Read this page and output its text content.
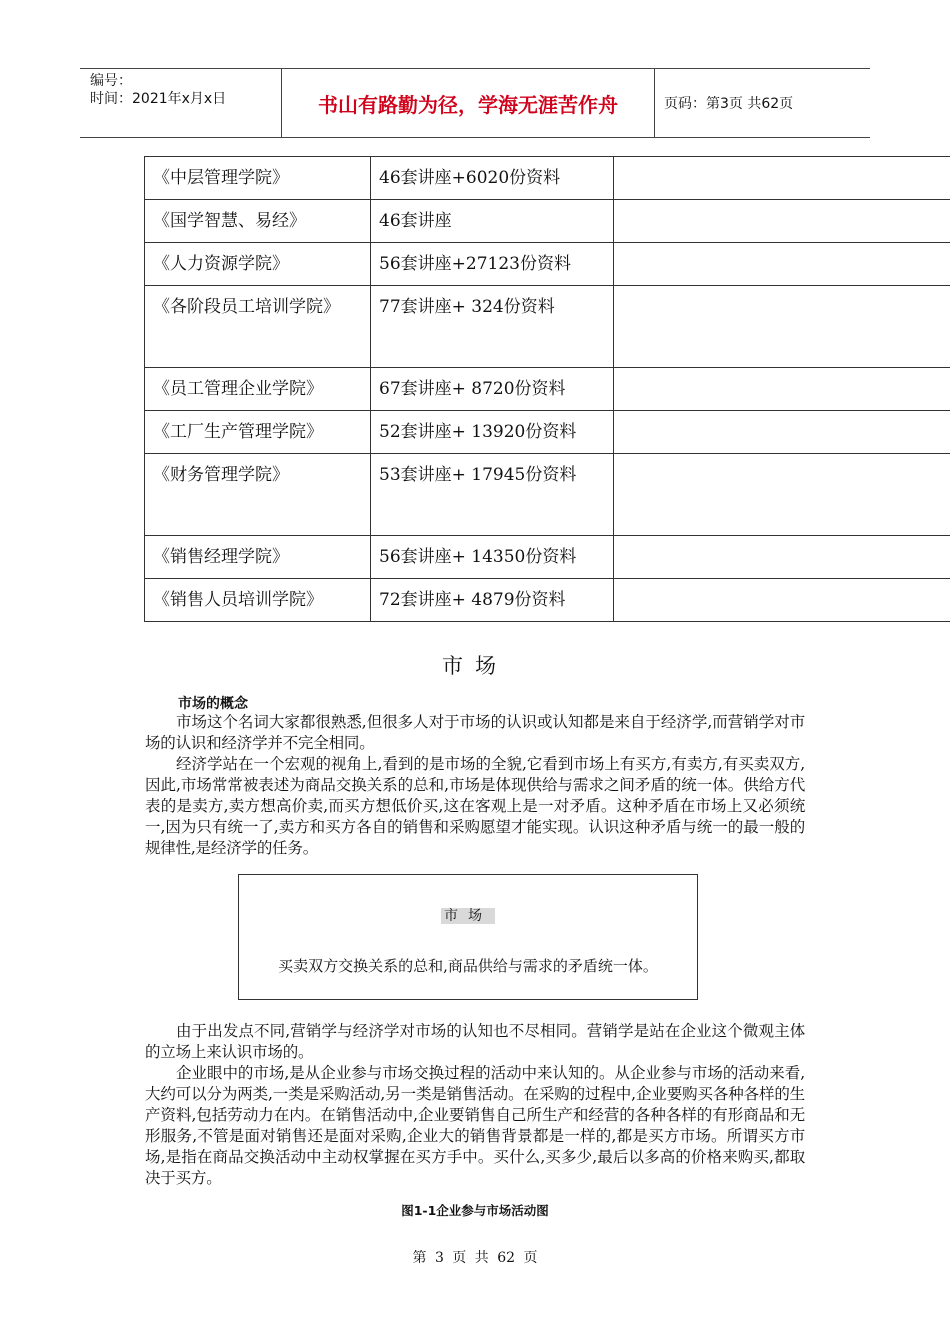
编号：
时间：2021年x月x日	书山有路勤为径，学海无涯苦作舟	页码：第3页 共62页
《中层管理学院》	46套讲座+6020份资料	
《国学智慧、易经》	46套讲座	
《人力资源学院》	56套讲座+27123份资料	
《各阶段员工培训学院》	77套讲座+ 324份资料	
《员工管理企业学院》	67套讲座+ 8720份资料	
《工厂生产管理学院》	52套讲座+ 13920份资料	
《财务管理学院》	53套讲座+ 17945份资料	
《销售经理学院》	56套讲座+ 14350份资料	
《销售人员培训学院》	72套讲座+ 4879份资料	
市场
市场的概念

市场这个名词大家都很熟悉,但很多人对于市场的认识或认知都是来自于经济学,而营销学对市场的认识和经济学并不完全相同。

经济学站在一个宏观的视角上,看到的是市场的全貌,它看到市场上有买方,有卖方,有买卖双方,因此,市场常常被表述为商品交换关系的总和,市场是体现供给与需求之间矛盾的统一体。供给方代表的是卖方,卖方想高价卖,而买方想低价买,这在客观上是一对矛盾。这种矛盾在市场上又必须统一,因为只有统一了,卖方和买方各自的销售和采购愿望才能实现。认识这种矛盾与统一的最一般的规律性,是经济学的任务。

市场
买卖双方交换关系的总和,商品供给与需求的矛盾统一体。

由于出发点不同,营销学与经济学对市场的认知也不尽相同。营销学是站在企业这个微观主体的立场上来认识市场的。

企业眼中的市场,是从企业参与市场交换过程的活动中来认知的。从企业参与市场的活动来看,大约可以分为两类,一类是采购活动,另一类是销售活动。在采购的过程中,企业要购买各种各样的生产资料,包括劳动力在内。在销售活动中,企业要销售自己所生产和经营的各种各样的有形商品和无形服务,不管是面对销售还是面对采购,企业大的销售背景都是一样的,都是买方市场。所谓买方市场,是指在商品交换活动中主动权掌握在买方手中。买什么,买多少,最后以多高的价格来购买,都取决于买方。

图1-1企业参与市场活动图
第 3 页 共 62 页
